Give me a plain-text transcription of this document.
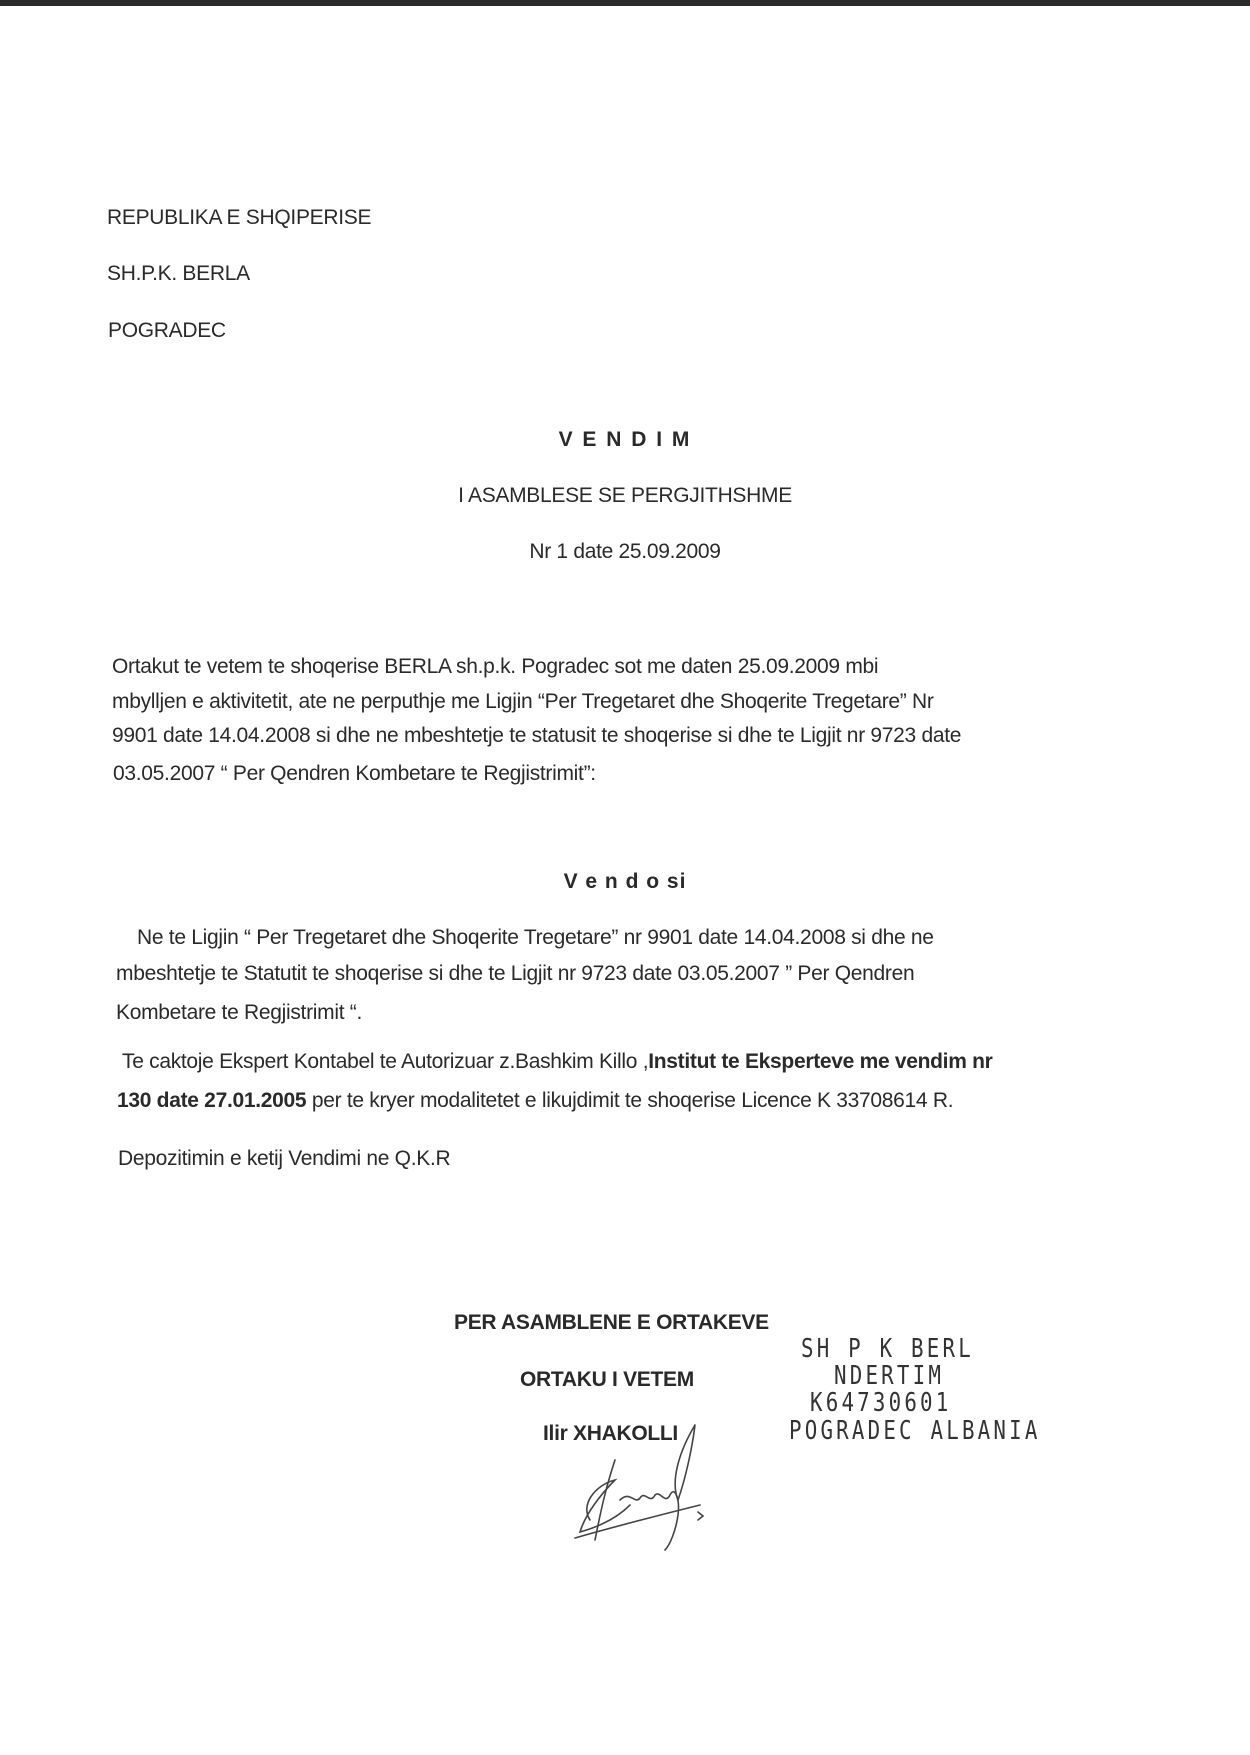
REPUBLIKA E SHQIPERISE
SH.P.K. BERLA
POGRADEC
V E N D I M
I ASAMBLESE SE PERGJITHSHME
Nr 1 date 25.09.2009
Ortakut te vetem te shoqerise BERLA sh.p.k. Pogradec sot me daten 25.09.2009 mbi
mbylljen e aktivitetit, ate ne perputhje me Ligjin “Per Tregetaret dhe Shoqerite Tregetare” Nr
9901 date 14.04.2008 si dhe ne mbeshtetje te statusit te shoqerise si dhe te Ligjit nr 9723 date
03.05.2007 “ Per Qendren Kombetare te Regjistrimit”:
V e n d o si
Ne te Ligjin “ Per Tregetaret dhe Shoqerite Tregetare” nr 9901 date 14.04.2008 si dhe ne
mbeshtetje te Statutit te shoqerise si dhe te Ligjit nr 9723 date 03.05.2007 ” Per Qendren
Kombetare te Regjistrimit “.
Te caktoje Ekspert Kontabel te Autorizuar z.Bashkim Killo ,Institut te Eksperteve me vendim nr
130 date 27.01.2005 per te kryer modalitetet e likujdimit te shoqerise Licence K 33708614 R.
Depozitimin e ketij Vendimi ne Q.K.R
PER ASAMBLENE E ORTAKEVE
ORTAKU I VETEM
Ilir XHAKOLLI
SH P K BERL
NDERTIM
K64730601
POGRADEC ALBANIA
